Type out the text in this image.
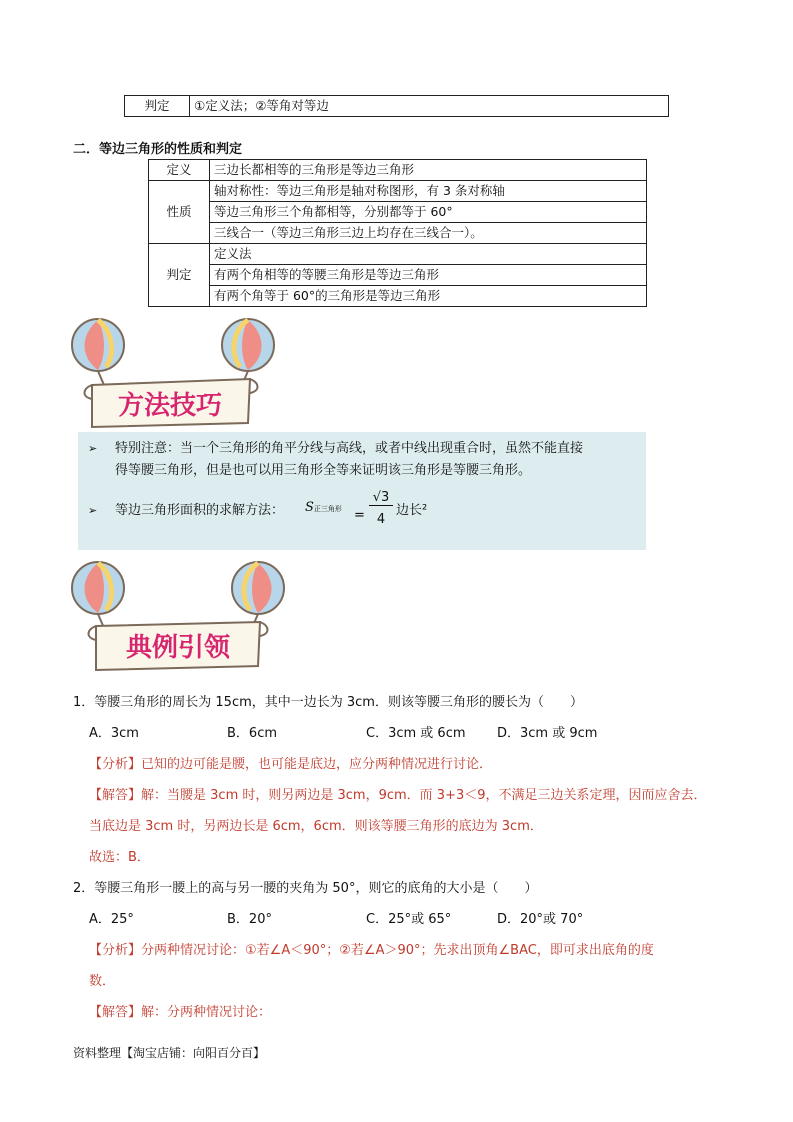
判定	①定义法；②等角对等边
二．等边三角形的性质和判定
定义	三边长都相等的三角形是等边三角形
性质	轴对称性：等边三角形是轴对称图形，有 3 条对称轴
	等边三角形三个角都相等，分别都等于 60°
	三线合一（等边三角形三边上均存在三线合一）。
判定	定义法
	有两个角相等的等腰三角形是等边三角形
	有两个角等于 60°的三角形是等边三角形
方法技巧
➢ 特别注意：当一个三角形的角平分线与高线，或者中线出现重合时，虽然不能直接
得等腰三角形，但是也可以用三角形全等来证明该三角形是等腰三角形。
➢ 等边三角形面积的求解方法： S正三角形 =
√3
4
边长²
典例引领
1．等腰三角形的周长为 15cm，其中一边长为 3cm．则该等腰三角形的腰长为（　　）
A．3cm	B．6cm	C．3cm 或 6cm D．3cm 或 9cm
【分析】已知的边可能是腰，也可能是底边，应分两种情况进行讨论．
【解答】解：当腰是 3cm 时，则另两边是 3cm，9cm．而 3+3＜9，不满足三边关系定理，因而应舍去．
当底边是 3cm 时，另两边长是 6cm，6cm．则该等腰三角形的底边为 3cm．
故选：B．
2．等腰三角形一腰上的高与另一腰的夹角为 50°，则它的底角的大小是（　　）
A．25°	B．20°	C．25°或 65°	D．20°或 70°
【分析】分两种情况讨论：①若∠A＜90°；②若∠A＞90°；先求出顶角∠BAC，即可求出底角的度
数．
【解答】解：分两种情况讨论：
资料整理【淘宝店铺：向阳百分百】
